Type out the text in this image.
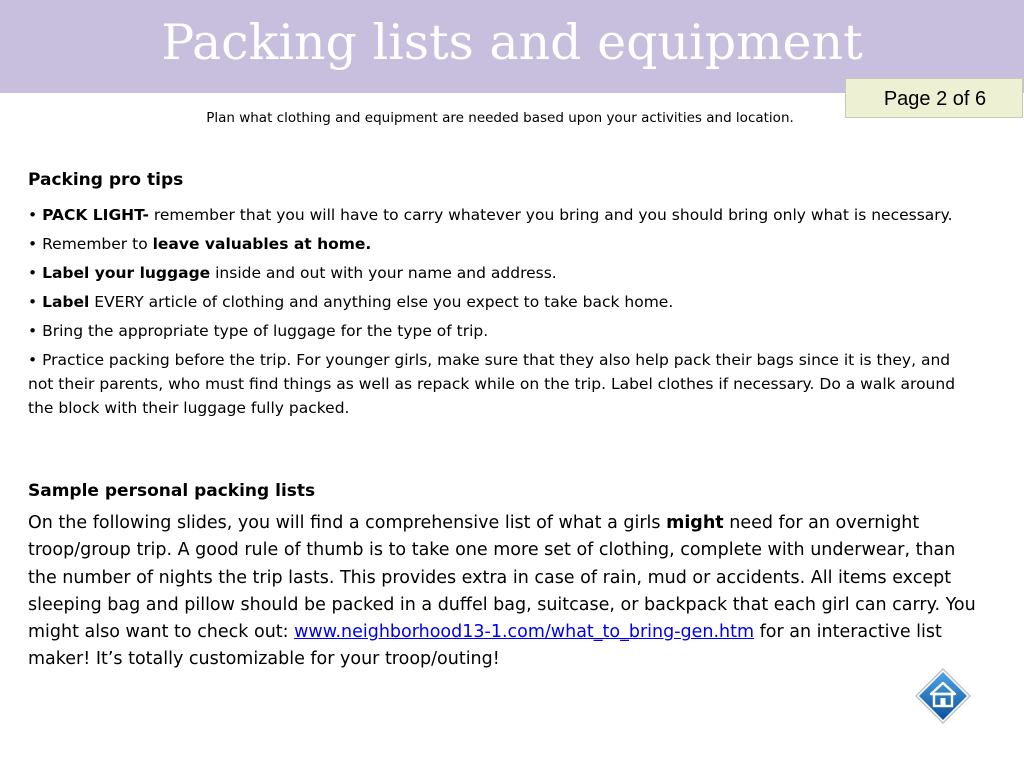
Packing lists and equipment
Page 2 of 6
Plan what clothing and equipment are needed based upon your activities and location.
Packing pro tips
• PACK LIGHT- remember that you will have to carry whatever you bring and you should bring only what is necessary.
• Remember to leave valuables at home.
• Label your luggage inside and out with your name and address.
• Label EVERY article of clothing and anything else you expect to take back home.
• Bring the appropriate type of luggage for the type of trip.
• Practice packing before the trip. For younger girls, make sure that they also help pack their bags since it is they, and not their parents, who must find things as well as repack while on the trip. Label clothes if necessary. Do a walk around the block with their luggage fully packed.
Sample personal packing lists
On the following slides, you will find a comprehensive list of what a girls might need for an overnight troop/group trip. A good rule of thumb is to take one more set of clothing, complete with underwear, than the number of nights the trip lasts. This provides extra in case of rain, mud or accidents. All items except sleeping bag and pillow should be packed in a duffel bag, suitcase, or backpack that each girl can carry. You might also want to check out: www.neighborhood13-1.com/what_to_bring-gen.htm for an interactive list maker! It’s totally customizable for your troop/outing!
